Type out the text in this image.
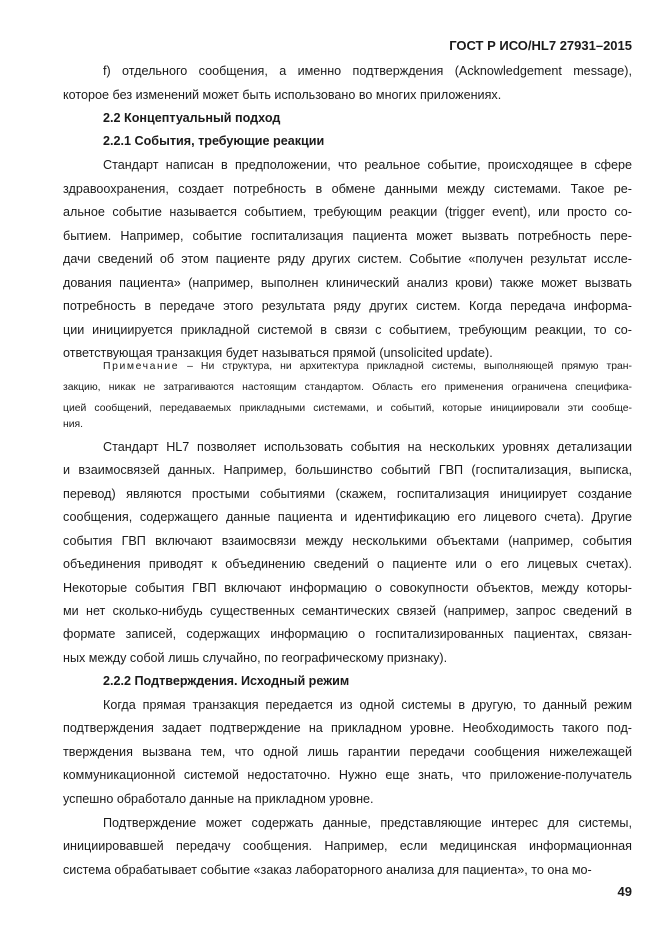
ГОСТ Р ИСО/HL7 27931–2015
f) отдельного сообщения, а именно подтверждения (Acknowledgement message),
которое без изменений может быть использовано во многих приложениях.
2.2 Концептуальный подход
2.2.1 События, требующие реакции
Стандарт написан в предположении, что реальное событие, происходящее в сфере
здравоохранения, создает потребность в обмене данными между системами. Такое ре-
альное событие называется событием, требующим реакции (trigger event), или просто со-
бытием. Например, событие госпитализация пациента может вызвать потребность пере-
дачи сведений об этом пациенте ряду других систем. Событие «получен результат иссле-
дования пациента» (например, выполнен клинический анализ крови) также может вызвать
потребность в передаче этого результата ряду других систем. Когда передача информа-
ции инициируется прикладной системой в связи с событием, требующим реакции, то со-
ответствующая транзакция будет называться прямой (unsolicited update).
Примечание – Ни структура, ни архитектура прикладной системы, выполняющей прямую тран-
закцию, никак не затрагиваются настоящим стандартом. Область его применения ограничена специфика-
цией сообщений, передаваемых прикладными системами, и событий, которые инициировали эти сообще-
ния.
Стандарт HL7 позволяет использовать события на нескольких уровнях детализации
и взаимосвязей данных. Например, большинство событий ГВП (госпитализация, выписка,
перевод) являются простыми событиями (скажем, госпитализация инициирует создание
сообщения, содержащего данные пациента и идентификацию его лицевого счета). Другие
события ГВП включают взаимосвязи между несколькими объектами (например, события
объединения приводят к объединению сведений о пациенте или о его лицевых счетах).
Некоторые события ГВП включают информацию о совокупности объектов, между которы-
ми нет сколько-нибудь существенных семантических связей (например, запрос сведений в
формате записей, содержащих информацию о госпитализированных пациентах, связан-
ных между собой лишь случайно, по географическому признаку).
2.2.2 Подтверждения. Исходный режим
Когда прямая транзакция передается из одной системы в другую, то данный режим
подтверждения задает подтверждение на прикладном уровне. Необходимость такого под-
тверждения вызвана тем, что одной лишь гарантии передачи сообщения нижележащей
коммуникационной системой недостаточно. Нужно еще знать, что приложение-получатель
успешно обработало данные на прикладном уровне.
Подтверждение может содержать данные, представляющие интерес для системы,
инициировавшей передачу сообщения. Например, если медицинская информационная
система обрабатывает событие «заказ лабораторного анализа для пациента», то она мо-
49
